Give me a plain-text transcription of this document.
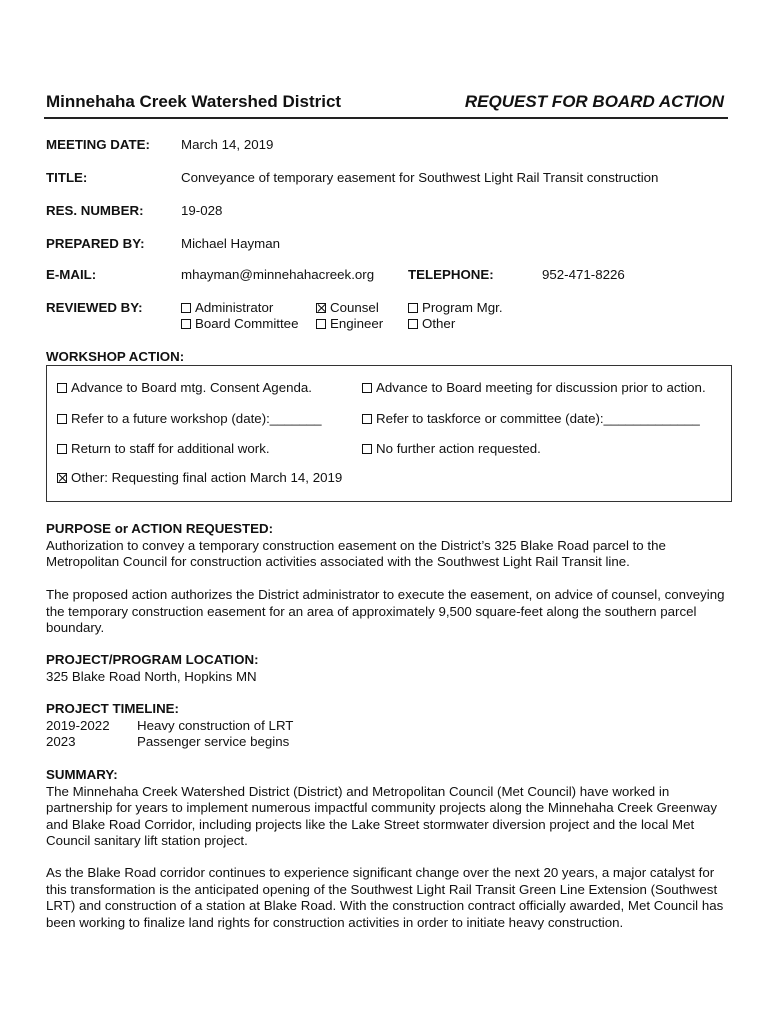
Minnehaha Creek Watershed District	REQUEST FOR BOARD ACTION
MEETING DATE: March 14, 2019
TITLE:	Conveyance of temporary easement for Southwest Light Rail Transit construction
RES. NUMBER:	19-028
PREPARED BY:	Michael Hayman
E-MAIL:	mhayman@minnehahacreek.org	TELEPHONE:	952-471-8226
REVIEWED BY:	Administrator	Counsel	Program Mgr.
Board Committee	Engineer	Other
WORKSHOP ACTION:
Advance to Board mtg. Consent Agenda.	Advance to Board meeting for discussion prior to action.
Refer to a future workshop (date):_______	Refer to taskforce or committee (date):_____________
Return to staff for additional work.	No further action requested.
Other: Requesting final action March 14, 2019
PURPOSE or ACTION REQUESTED:
Authorization to convey a temporary construction easement on the District’s 325 Blake Road parcel to the Metropolitan Council for construction activities associated with the Southwest Light Rail Transit line.
The proposed action authorizes the District administrator to execute the easement, on advice of counsel, conveying the temporary construction easement for an area of approximately 9,500 square-feet along the southern parcel boundary.
PROJECT/PROGRAM LOCATION:
325 Blake Road North, Hopkins MN
PROJECT TIMELINE:
2019-2022 Heavy construction of LRT
2023	Passenger service begins
SUMMARY:
The Minnehaha Creek Watershed District (District) and Metropolitan Council (Met Council) have worked in partnership for years to implement numerous impactful community projects along the Minnehaha Creek Greenway and Blake Road Corridor, including projects like the Lake Street stormwater diversion project and the local Met Council sanitary lift station project.
As the Blake Road corridor continues to experience significant change over the next 20 years, a major catalyst for this transformation is the anticipated opening of the Southwest Light Rail Transit Green Line Extension (Southwest LRT) and construction of a station at Blake Road. With the construction contract officially awarded, Met Council has been working to finalize land rights for construction activities in order to initiate heavy construction.
